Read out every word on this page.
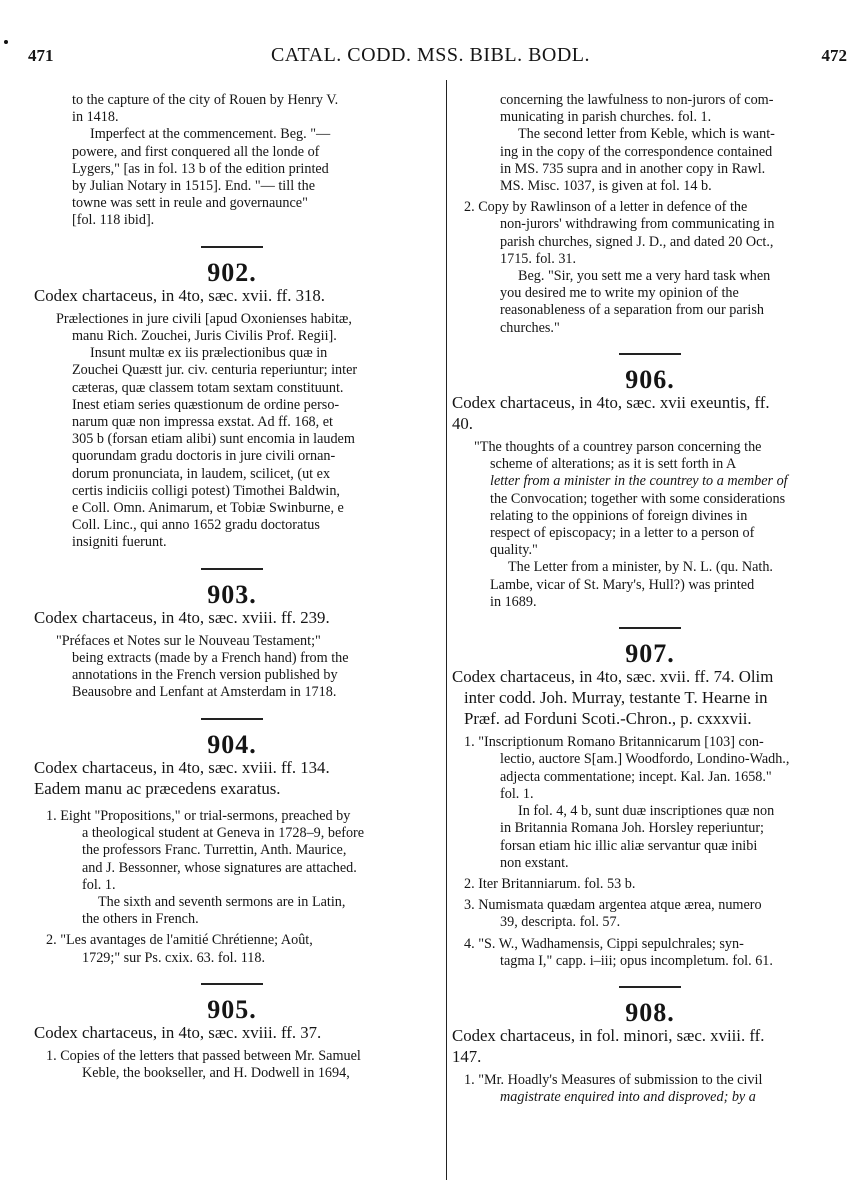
471	CATAL. CODD. MSS. BIBL. BODL.	472

to the capture of the city of Rouen by Henry V.

in 1418.

Imperfect at the commencement. Beg. "—

powere, and first conquered all the londe of

Lygers," [as in fol. 13 b of the edition printed

by Julian Notary in 1515]. End. "— till the

towne was sett in reule and governaunce"

[fol. 118 ibid].

902.

Codex chartaceus, in 4to, sæc. xvii. ff. 318.

Prælectiones in jure civili [apud Oxonienses habitæ,

manu Rich. Zouchei, Juris Civilis Prof. Regii].

Insunt multæ ex iis prælectionibus quæ in

Zouchei Quæstt jur. civ. centuria reperiuntur; inter

cæteras, quæ classem totam sextam constituunt.

Inest etiam series quæstionum de ordine perso-

narum quæ non impressa exstat. Ad ff. 168, et

305 b (forsan etiam alibi) sunt encomia in laudem

quorundam gradu doctoris in jure civili ornan-

dorum pronunciata, in laudem, scilicet, (ut ex

certis indiciis colligi potest) Timothei Baldwin,

e Coll. Omn. Animarum, et Tobiæ Swinburne, e

Coll. Linc., qui anno 1652 gradu doctoratus

insigniti fuerunt.

903.

Codex chartaceus, in 4to, sæc. xviii. ff. 239.

"Préfaces et Notes sur le Nouveau Testament;"

being extracts (made by a French hand) from the

annotations in the French version published by

Beausobre and Lenfant at Amsterdam in 1718.

904.

Codex chartaceus, in 4to, sæc. xviii. ff. 134.

Eadem manu ac præcedens exaratus.

1. Eight "Propositions," or trial-sermons, preached by

a theological student at Geneva in 1728–9, before

the professors Franc. Turrettin, Anth. Maurice,

and J. Bessonner, whose signatures are attached.

fol. 1.

The sixth and seventh sermons are in Latin,

the others in French.

2. "Les avantages de l'amitié Chrétienne; Août,

1729;" sur Ps. cxix. 63. fol. 118.

905.

Codex chartaceus, in 4to, sæc. xviii. ff. 37.

1. Copies of the letters that passed between Mr. Samuel

Keble, the bookseller, and H. Dodwell in 1694,

concerning the lawfulness to non-jurors of com-

municating in parish churches. fol. 1.

The second letter from Keble, which is want-

ing in the copy of the correspondence contained

in MS. 735 supra and in another copy in Rawl.

MS. Misc. 1037, is given at fol. 14 b.

2. Copy by Rawlinson of a letter in defence of the

non-jurors' withdrawing from communicating in

parish churches, signed J. D., and dated 20 Oct.,

1715. fol. 31.

Beg. "Sir, you sett me a very hard task when

you desired me to write my opinion of the

reasonableness of a separation from our parish

churches."

906.

Codex chartaceus, in 4to, sæc. xvii exeuntis, ff.

40.

"The thoughts of a countrey parson concerning the

scheme of alterations; as it is sett forth in A

letter from a minister in the countrey to a member of

the Convocation; together with some considerations

relating to the oppinions of foreign divines in

respect of episcopacy; in a letter to a person of

quality."

The Letter from a minister, by N. L. (qu. Nath.

Lambe, vicar of St. Mary's, Hull?) was printed

in 1689.

907.

Codex chartaceus, in 4to, sæc. xvii. ff. 74. Olim

inter codd. Joh. Murray, testante T. Hearne in

Præf. ad Forduni Scoti.-Chron., p. cxxxvii.

1. "Inscriptionum Romano Britannicarum [103] con-

lectio, auctore S[am.] Woodfordo, Londino-Wadh.,

adjecta commentatione; incept. Kal. Jan. 1658."

fol. 1.

In fol. 4, 4 b, sunt duæ inscriptiones quæ non

in Britannia Romana Joh. Horsley reperiuntur;

forsan etiam hic illic aliæ servantur quæ inibi

non exstant.

2. Iter Britanniarum. fol. 53 b.

3. Numismata quædam argentea atque æreа, numero

39, descripta. fol. 57.

4. "S. W., Wadhamensis, Cippi sepulchrales; syn-

tagma I," capp. i–iii; opus incompletum. fol. 61.

908.

Codex chartaceus, in fol. minori, sæc. xviii. ff.

147.

1. "Mr. Hoadly's Measures of submission to the civil

magistrate enquired into and disproved; by a
